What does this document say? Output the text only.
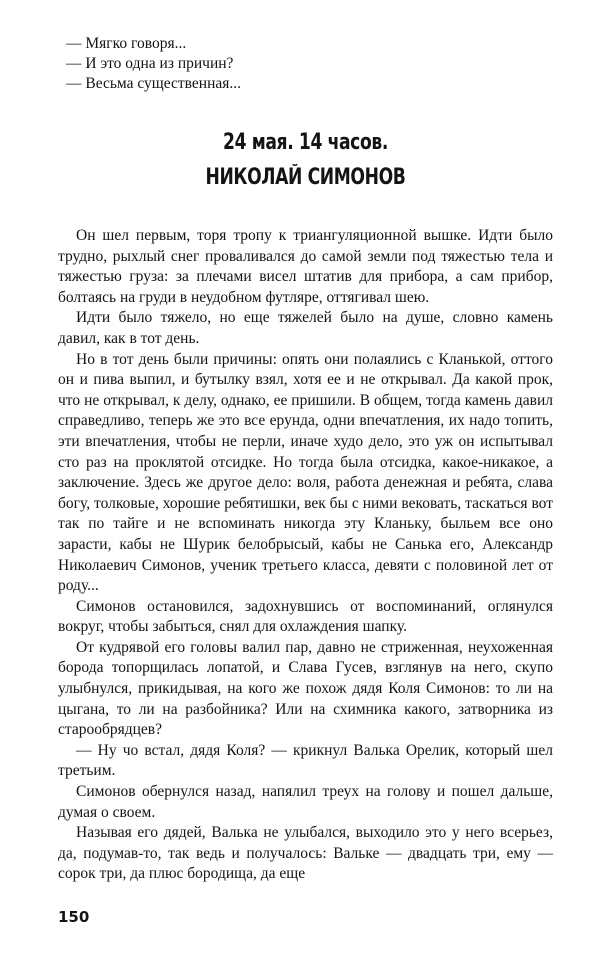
— Мягко говоря...

— И это одна из причин?

— Весьма существенная...

24 мая. 14 часов.
НИКОЛАЙ СИМОНОВ

Он шел первым, торя тропу к триангуляционной вышке. Идти было трудно, рыхлый снег проваливался до самой земли под тяжестью тела и тяжестью груза: за плечами висел штатив для прибора, а сам прибор, болтаясь на груди в неудобном футляре, оттягивал шею.

Идти было тяжело, но еще тяжелей было на душе, словно камень давил, как в тот день.

Но в тот день были причины: опять они полаялись с Кланькой, оттого он и пива выпил, и бутылку взял, хотя ее и не открывал. Да какой прок, что не открывал, к делу, однако, ее пришили. В общем, тогда камень давил справедливо, теперь же это все ерунда, одни впечатления, их надо топить, эти впечатления, чтобы не перли, иначе худо дело, это уж он испытывал сто раз на проклятой отсидке. Но тогда была отсидка, какое-никакое, а заключение. Здесь же другое дело: воля, работа денежная и ребята, слава богу, толковые, хорошие ребятишки, век бы с ними вековать, таскаться вот так по тайге и не вспоминать никогда эту Кланьку, быльем все оно зарасти, кабы не Шурик белобрысый, кабы не Санька его, Александр Николаевич Симонов, ученик третьего класса, девяти с половиной лет от роду...

Симонов остановился, задохнувшись от воспоминаний, оглянулся вокруг, чтобы забыться, снял для охлаждения шапку.

От кудрявой его головы валил пар, давно не стриженная, неухоженная борода топорщилась лопатой, и Слава Гусев, взглянув на него, скупо улыбнулся, прикидывая, на кого же похож дядя Коля Симонов: то ли на цыгана, то ли на разбойника? Или на схимника какого, затворника из старообрядцев?

— Ну чо встал, дядя Коля? — крикнул Валька Орелик, который шел третьим.

Симонов обернулся назад, напялил треух на голову и пошел дальше, думая о своем.

Называя его дядей, Валька не улыбался, выходило это у него всерьез, да, подумав-то, так ведь и получалось: Вальке — двадцать три, ему — сорок три, да плюс бородища, да еще

150
